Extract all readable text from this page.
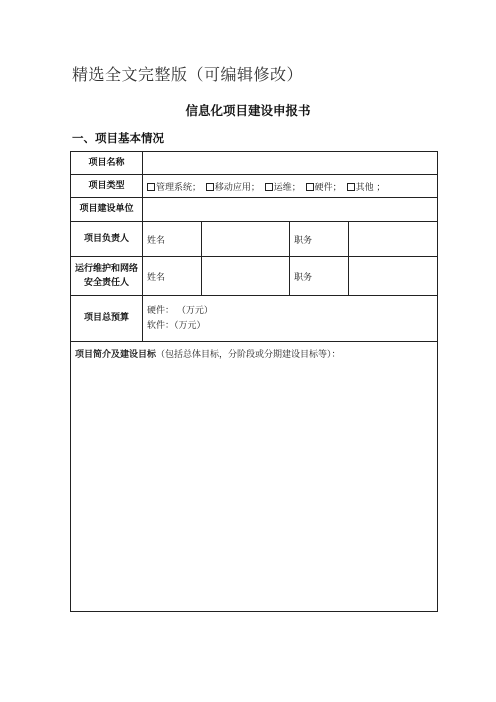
精选全文完整版（可编辑修改）
信息化项目建设申报书
一、项目基本情况
项目名称				
项目类型	管理系统； 移动应用； 运维； 硬件； 其他 ；			
项目建设单位				
项目负责人	姓名		职务	
运行维护和网络安全责任人	姓名		职务	
项目总预算	硬件： （万元）
软件：（万元）			

项目简介及建设目标（包括总体目标，分阶段或分期建设目标等）：				
